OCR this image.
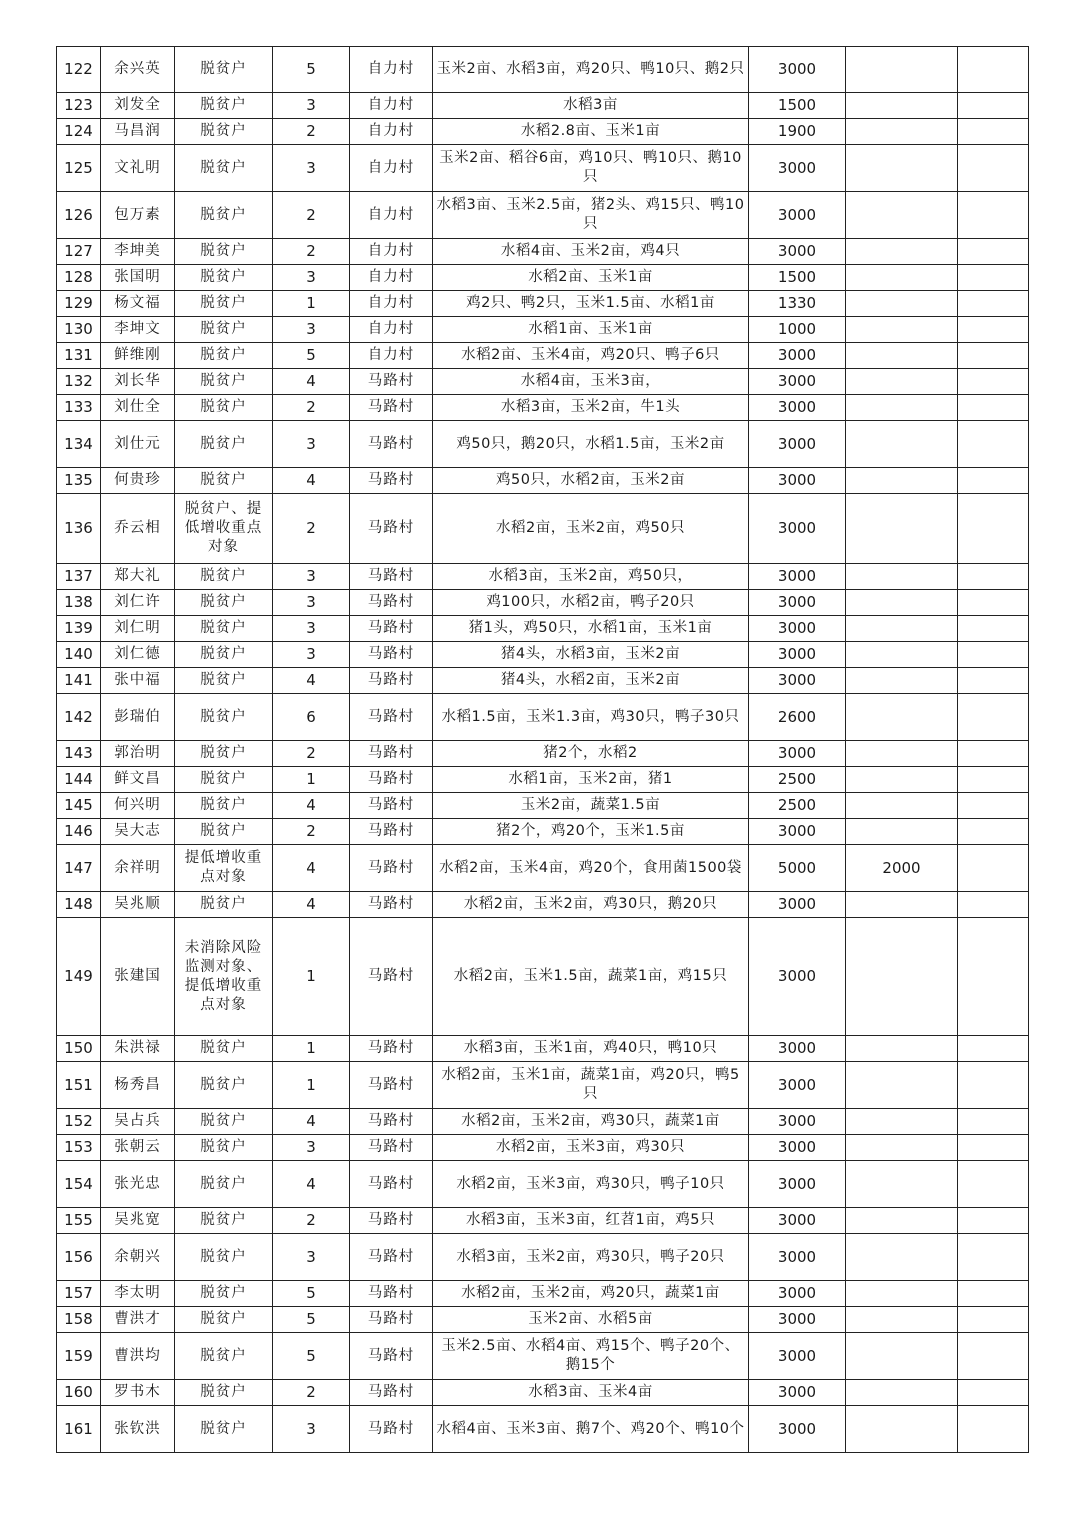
122	余兴英	脱贫户	5	自力村	玉米2亩、水稻3亩，鸡20只、鸭10只、鹅2只	3000		
123	刘发全	脱贫户	3	自力村	水稻3亩	1500		
124	马昌润	脱贫户	2	自力村	水稻2.8亩、玉米1亩	1900		
125	文礼明	脱贫户	3	自力村	玉米2亩、稻谷6亩，鸡10只、鸭10只、鹅10只	3000		
126	包万素	脱贫户	2	自力村	水稻3亩、玉米2.5亩，猪2头、鸡15只、鸭10只	3000		
127	李坤美	脱贫户	2	自力村	水稻4亩、玉米2亩，鸡4只	3000		
128	张国明	脱贫户	3	自力村	水稻2亩、玉米1亩	1500		
129	杨文福	脱贫户	1	自力村	鸡2只、鸭2只，玉米1.5亩、水稻1亩	1330		
130	李坤文	脱贫户	3	自力村	水稻1亩、玉米1亩	1000		
131	鲜维刚	脱贫户	5	自力村	水稻2亩、玉米4亩，鸡20只、鸭子6只	3000		
132	刘长华	脱贫户	4	马路村	水稻4亩，玉米3亩，	3000		
133	刘仕全	脱贫户	2	马路村	水稻3亩，玉米2亩，牛1头	3000		
134	刘仕元	脱贫户	3	马路村	鸡50只，鹅20只，水稻1.5亩，玉米2亩	3000		
135	何贵珍	脱贫户	4	马路村	鸡50只，水稻2亩，玉米2亩	3000		
136	乔云相	脱贫户、提低增收重点对象	2	马路村	水稻2亩，玉米2亩，鸡50只	3000		
137	郑大礼	脱贫户	3	马路村	水稻3亩，玉米2亩，鸡50只，	3000		
138	刘仁许	脱贫户	3	马路村	鸡100只，水稻2亩，鸭子20只	3000		
139	刘仁明	脱贫户	3	马路村	猪1头，鸡50只，水稻1亩，玉米1亩	3000		
140	刘仁德	脱贫户	3	马路村	猪4头，水稻3亩，玉米2亩	3000		
141	张中福	脱贫户	4	马路村	猪4头，水稻2亩，玉米2亩	3000		
142	彭瑞伯	脱贫户	6	马路村	水稻1.5亩，玉米1.3亩，鸡30只，鸭子30只	2600		
143	郭治明	脱贫户	2	马路村	猪2个，水稻2	3000		
144	鲜文昌	脱贫户	1	马路村	水稻1亩，玉米2亩，猪1	2500		
145	何兴明	脱贫户	4	马路村	玉米2亩，蔬菜1.5亩	2500		
146	吴大志	脱贫户	2	马路村	猪2个，鸡20个，玉米1.5亩	3000		
147	余祥明	提低增收重点对象	4	马路村	水稻2亩，玉米4亩，鸡20个，食用菌1500袋	5000	2000	
148	吴兆顺	脱贫户	4	马路村	水稻2亩，玉米2亩，鸡30只，鹅20只	3000		
149	张建国	未消除风险监测对象、提低增收重点对象	1	马路村	水稻2亩，玉米1.5亩，蔬菜1亩，鸡15只	3000		
150	朱洪禄	脱贫户	1	马路村	水稻3亩，玉米1亩，鸡40只，鸭10只	3000		
151	杨秀昌	脱贫户	1	马路村	水稻2亩，玉米1亩，蔬菜1亩，鸡20只，鸭5只	3000		
152	吴占兵	脱贫户	4	马路村	水稻2亩，玉米2亩，鸡30只，蔬菜1亩	3000		
153	张朝云	脱贫户	3	马路村	水稻2亩，玉米3亩，鸡30只	3000		
154	张光忠	脱贫户	4	马路村	水稻2亩，玉米3亩，鸡30只，鸭子10只	3000		
155	吴兆宽	脱贫户	2	马路村	水稻3亩，玉米3亩，红苕1亩，鸡5只	3000		
156	余朝兴	脱贫户	3	马路村	水稻3亩，玉米2亩，鸡30只，鸭子20只	3000		
157	李太明	脱贫户	5	马路村	水稻2亩，玉米2亩，鸡20只，蔬菜1亩	3000		
158	曹洪才	脱贫户	5	马路村	玉米2亩、水稻5亩	3000		
159	曹洪均	脱贫户	5	马路村	玉米2.5亩、水稻4亩、鸡15个、鸭子20个、鹅15个	3000		
160	罗书木	脱贫户	2	马路村	水稻3亩、玉米4亩	3000		
161	张钦洪	脱贫户	3	马路村	水稻4亩、玉米3亩、鹅7个、鸡20个、鸭10个	3000		
